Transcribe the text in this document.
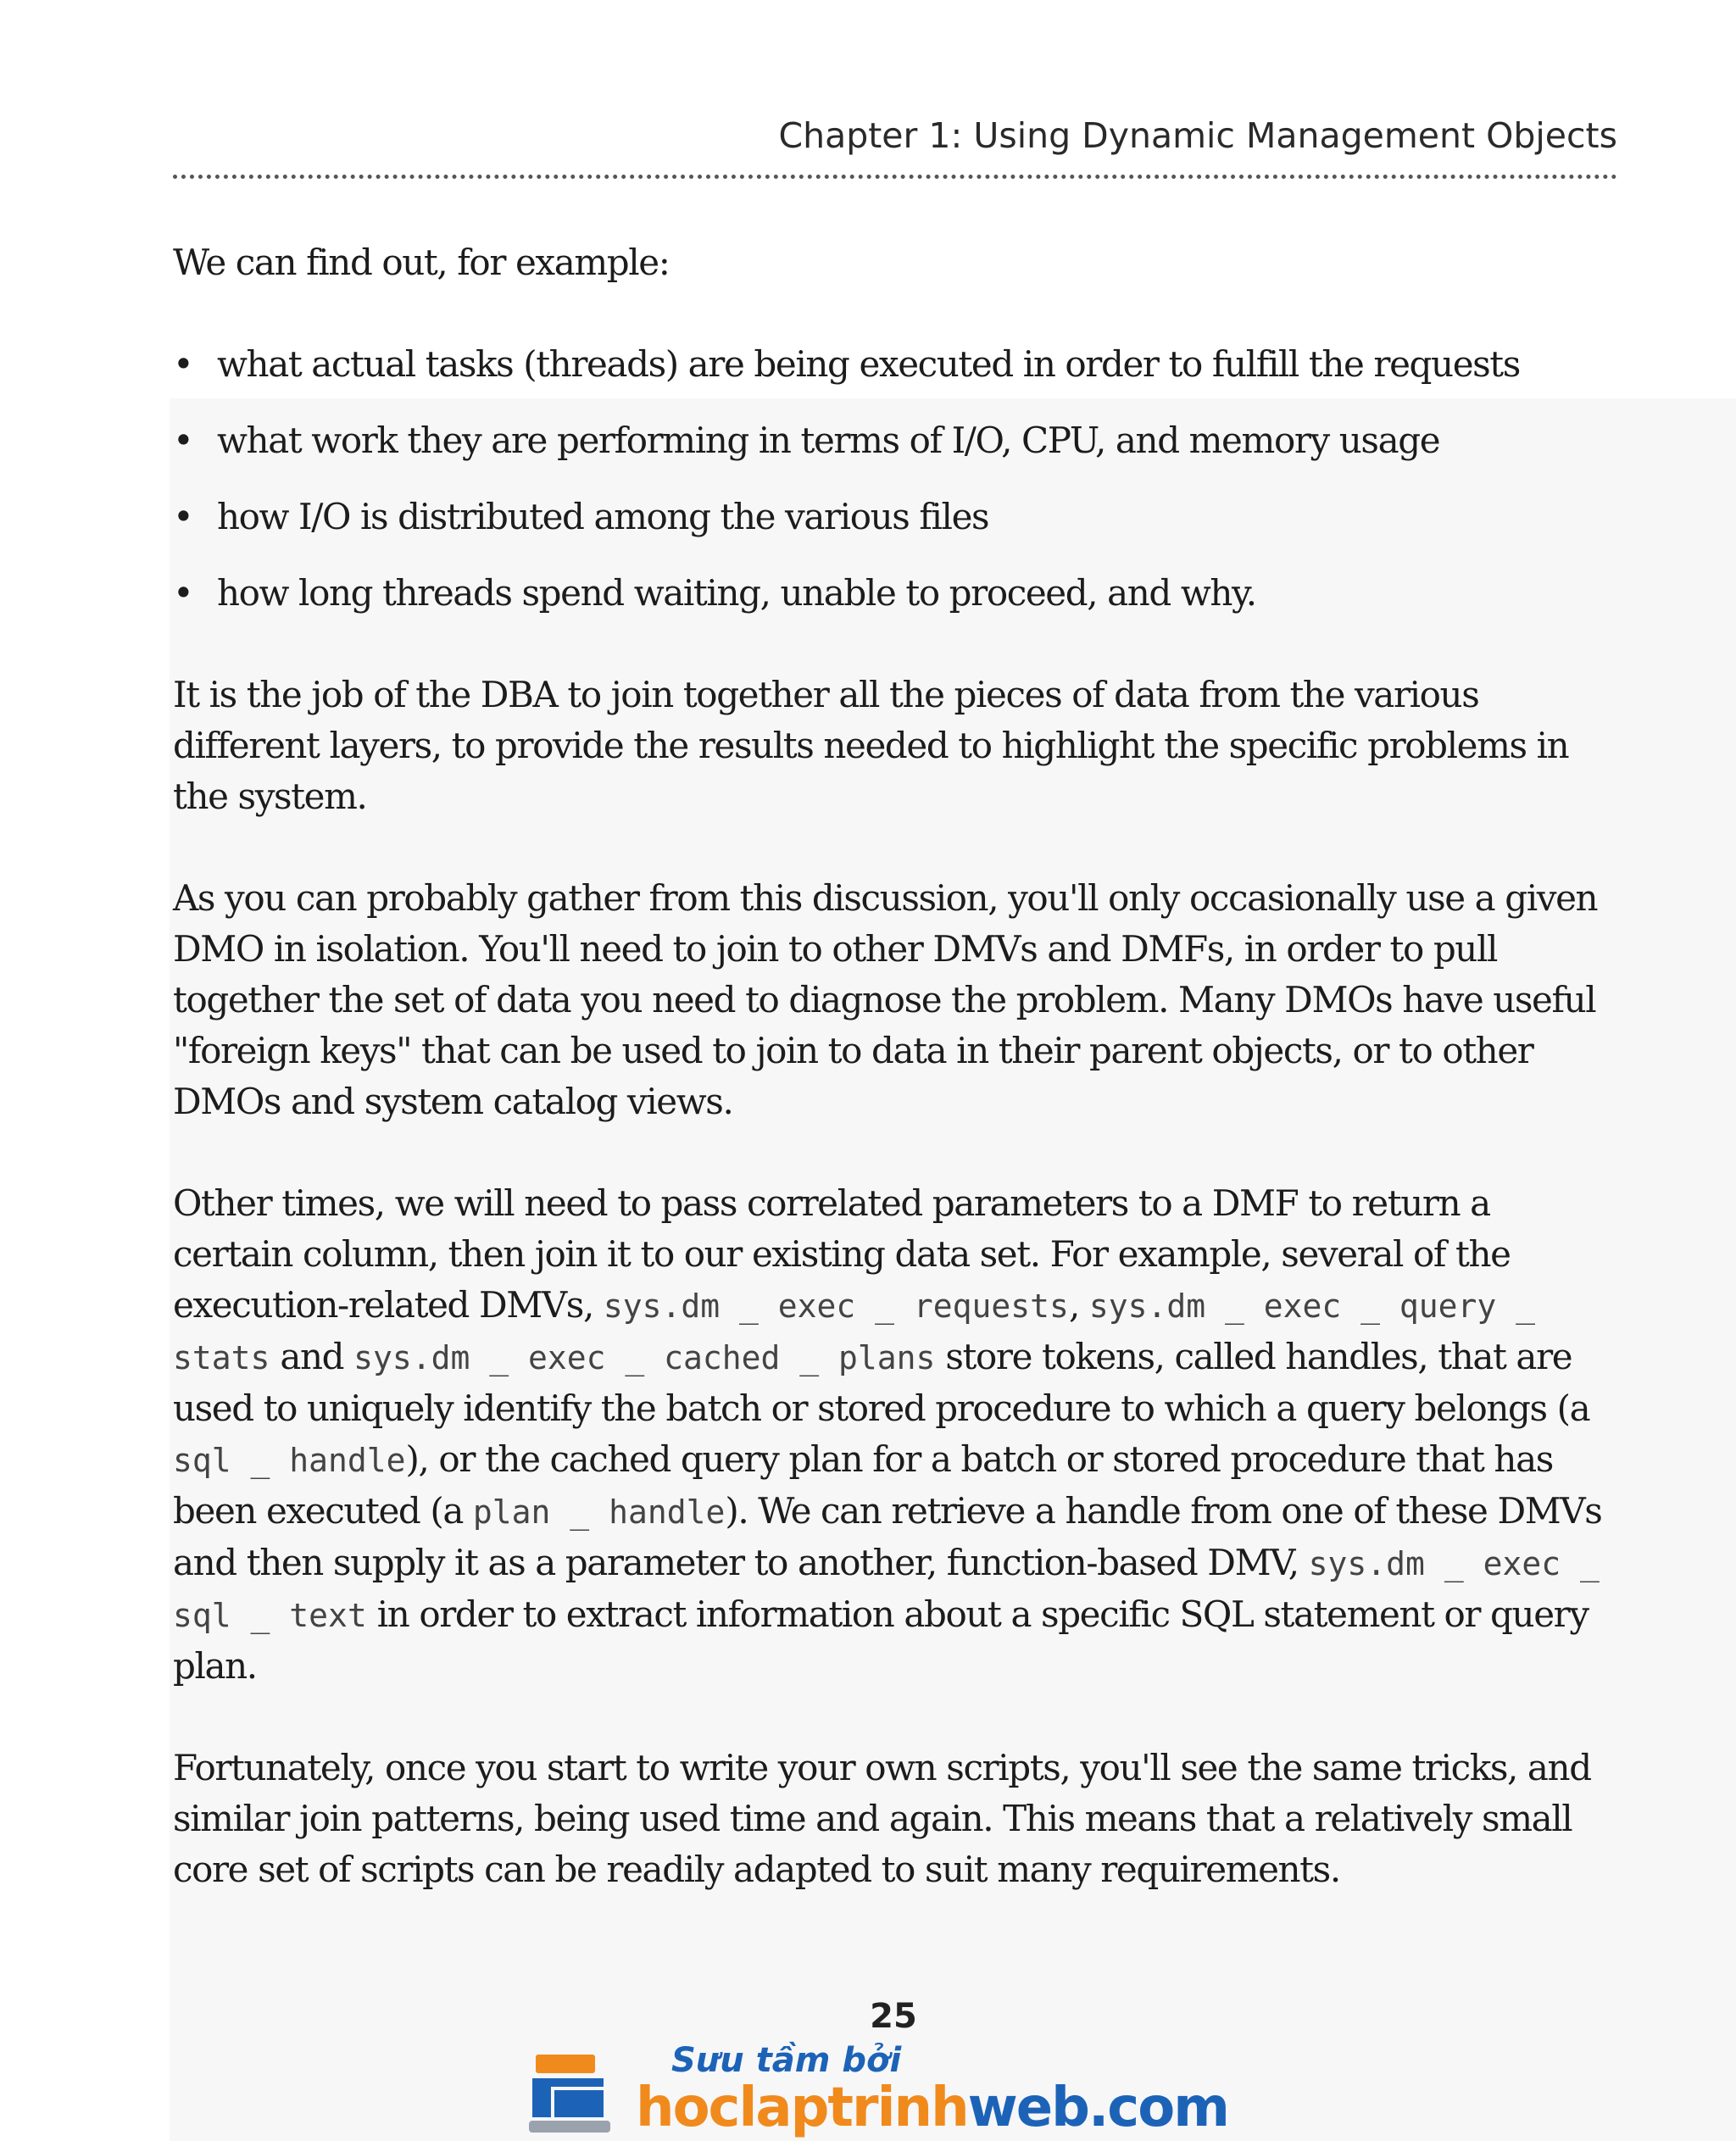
Chapter 1: Using Dynamic Management Objects

We can find out, for example:

• what actual tasks (threads) are being executed in order to fulfill the requests
• what work they are performing in terms of I/O, CPU, and memory usage
• how I/O is distributed among the various files
• how long threads spend waiting, unable to proceed, and why.

It is the job of the DBA to join together all the pieces of data from the various different layers, to provide the results needed to highlight the specific problems in the system.

As you can probably gather from this discussion, you'll only occasionally use a given DMO in isolation. You'll need to join to other DMVs and DMFs, in order to pull together the set of data you need to diagnose the problem. Many DMOs have useful "foreign keys" that can be used to join to data in their parent objects, or to other DMOs and system catalog views.

Other times, we will need to pass correlated parameters to a DMF to return a certain column, then join it to our existing data set. For example, several of the execution-related DMVs, sys.dm _ exec _ requests, sys.dm _ exec _ query _ stats and sys.dm _ exec _ cached _ plans store tokens, called handles, that are used to uniquely identify the batch or stored procedure to which a query belongs (a sql _ handle), or the cached query plan for a batch or stored procedure that has been executed (a plan _ handle). We can retrieve a handle from one of these DMVs and then supply it as a parameter to another, function-based DMV, sys.dm _ exec _ sql _ text in order to extract information about a specific SQL statement or query plan.

Fortunately, once you start to write your own scripts, you'll see the same tricks, and similar join patterns, being used time and again. This means that a relatively small core set of scripts can be readily adapted to suit many requirements.

25
Sưu tầm bởi
hoclaptrinhweb.com
